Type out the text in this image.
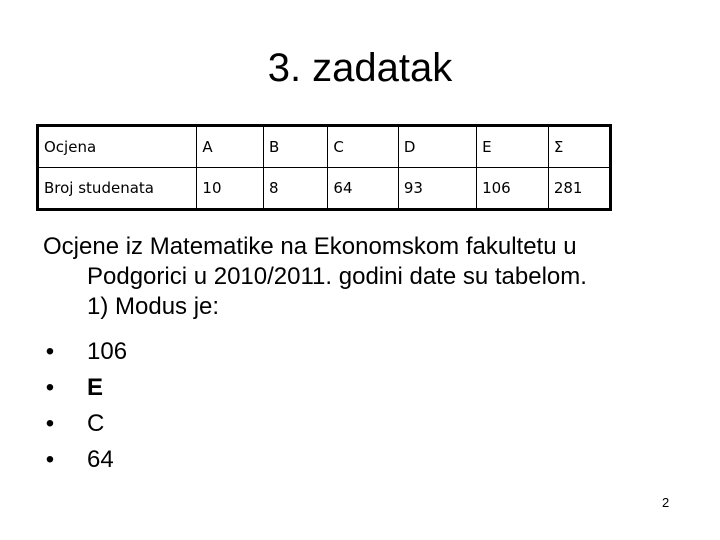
3. zadatak
Ocjena	A	B	C	D	E	Σ
Broj studenata	10	8	64	93	106	281
Ocjene iz Matematike na Ekonomskom fakultetu u
Podgorici u 2010/2011. godini date su tabelom.
1) Modus je:
• 106
• E
• C
• 64
2
